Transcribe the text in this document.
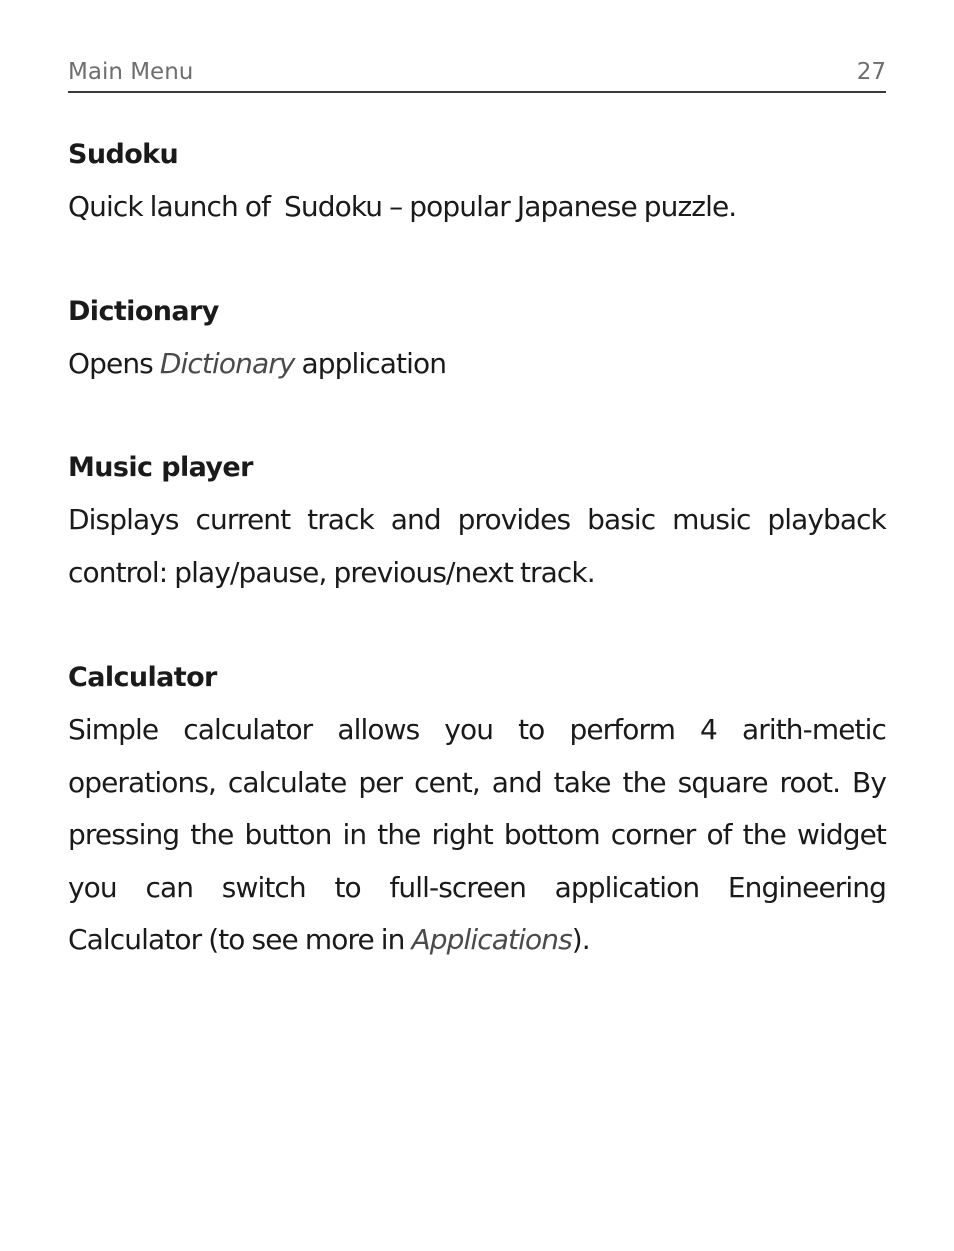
Main Menu	27
Sudoku
Quick launch of  Sudoku – popular Japanese puzzle.
Dictionary
Opens Dictionary application
Music player
Displays current track and provides basic music playback control: play/pause, previous/next track.
Calculator
Simple calculator allows you to perform 4 arith-metic operations, calculate per cent, and take the square root. By pressing the button in the right bottom corner of the widget you can switch to full-screen application Engineering Calculator (to see more in Applications).
